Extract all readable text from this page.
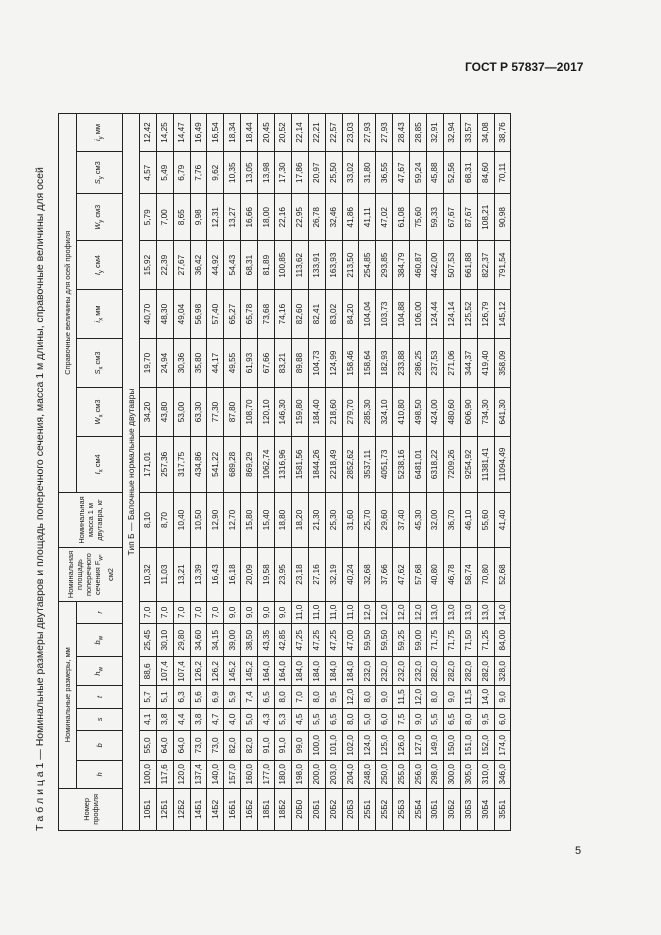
ГОСТ Р 57837—2017
Т а б л и ц а 1 — Номинальные размеры двутавров и площадь поперечного сечения, масса 1 м длины, справочные величины для осей	Номер профиля	Номинальные размеры, мм							Номинальная площадь поперечного сечения $F_w$, см2	Номинальная масса 1 м двутавра, кг	Справочные величины для осей профиля							
	h	b	s	t	$h_w$	$b_w$	r			$I_x$ см4	$W_x$ см3	$S_x$ см3	$i_x$ мм	$I_y$ см4	$W_y$ см3	$S_y$ см3	$i_y$ мм
Тип Б — Балочные нормальные двутавры																	
10Б1	100,0	55,0	4,1	5,7	88,6	25,45	7,0	10,32	8,10	171,01	34,20	19,70	40,70	15,92	5,79	4,57	12,42
12Б1	117,6	64,0	3,8	5,1	107,4	30,10	7,0	11,03	8,70	257,36	43,80	24,94	48,30	22,39	7,00	5,49	14,25
12Б2	120,0	64,0	4,4	6,3	107,4	29,80	7,0	13,21	10,40	317,75	53,00	30,36	49,04	27,67	8,65	6,79	14,47
14Б1	137,4	73,0	3,8	5,6	126,2	34,60	7,0	13,39	10,50	434,86	63,30	35,80	56,98	36,42	9,98	7,76	16,49
14Б2	140,0	73,0	4,7	6,9	126,2	34,15	7,0	16,43	12,90	541,22	77,30	44,17	57,40	44,92	12,31	9,62	16,54
16Б1	157,0	82,0	4,0	5,9	145,2	39,00	9,0	16,18	12,70	689,28	87,80	49,55	65,27	54,43	13,27	10,35	18,34
16Б2	160,0	82,0	5,0	7,4	145,2	38,50	9,0	20,09	15,80	869,29	108,70	61,93	65,78	68,31	16,66	13,05	18,44
18Б1	177,0	91,0	4,3	6,5	164,0	43,35	9,0	19,58	15,40	1062,74	120,10	67,66	73,68	81,89	18,00	13,98	20,45
18Б2	180,0	91,0	5,3	8,0	164,0	42,85	9,0	23,95	18,80	1316,96	146,30	83,21	74,16	100,85	22,16	17,30	20,52
20Б0	198,0	99,0	4,5	7,0	184,0	47,25	11,0	23,18	18,20	1581,56	159,80	89,88	82,60	113,62	22,95	17,86	22,14
20Б1	200,0	100,0	5,5	8,0	184,0	47,25	11,0	27,16	21,30	1844,26	184,40	104,73	82,41	133,91	26,78	20,97	22,21
20Б2	203,0	101,0	6,5	9,5	184,0	47,25	11,0	32,19	25,30	2218,49	218,60	124,99	83,02	163,93	32,46	25,50	22,57
20Б3	204,0	102,0	8,0	12,0	184,0	47,00	11,0	40,24	31,60	2852,62	279,70	158,46	84,20	213,50	41,86	33,02	23,03
25Б1	248,0	124,0	5,0	8,0	232,0	59,50	12,0	32,68	25,70	3537,11	285,30	158,64	104,04	254,85	41,11	31,80	27,93
25Б2	250,0	125,0	6,0	9,0	232,0	59,50	12,0	37,66	29,60	4051,73	324,10	182,93	103,73	293,85	47,02	36,55	27,93
25Б3	255,0	126,0	7,5	11,5	232,0	59,25	12,0	47,62	37,40	5238,16	410,80	233,88	104,88	384,79	61,08	47,67	28,43
25Б4	256,0	127,0	9,0	12,0	232,0	59,00	12,0	57,68	45,30	6481,01	498,50	286,25	106,00	460,87	75,60	59,24	28,85
30Б1	298,0	149,0	5,5	8,0	282,0	71,75	13,0	40,80	32,00	6318,22	424,00	237,53	124,44	442,00	59,33	45,88	32,91
30Б2	300,0	150,0	6,5	9,0	282,0	71,75	13,0	46,78	36,70	7209,26	480,60	271,06	124,14	507,53	67,67	52,56	32,94
30Б3	305,0	151,0	8,0	11,5	282,0	71,50	13,0	58,74	46,10	9254,92	606,90	344,37	125,52	661,88	87,67	68,31	33,57
30Б4	310,0	152,0	9,5	14,0	282,0	71,25	13,0	70,80	55,60	11381,41	734,30	419,40	126,79	822,37	108,21	84,60	34,08
35Б1	346,0	174,0	6,0	9,0	328,0	84,00	14,0	52,68	41,40	11094,49	641,30	358,09	145,12	791,54	90,98	70,11	38,76
5
